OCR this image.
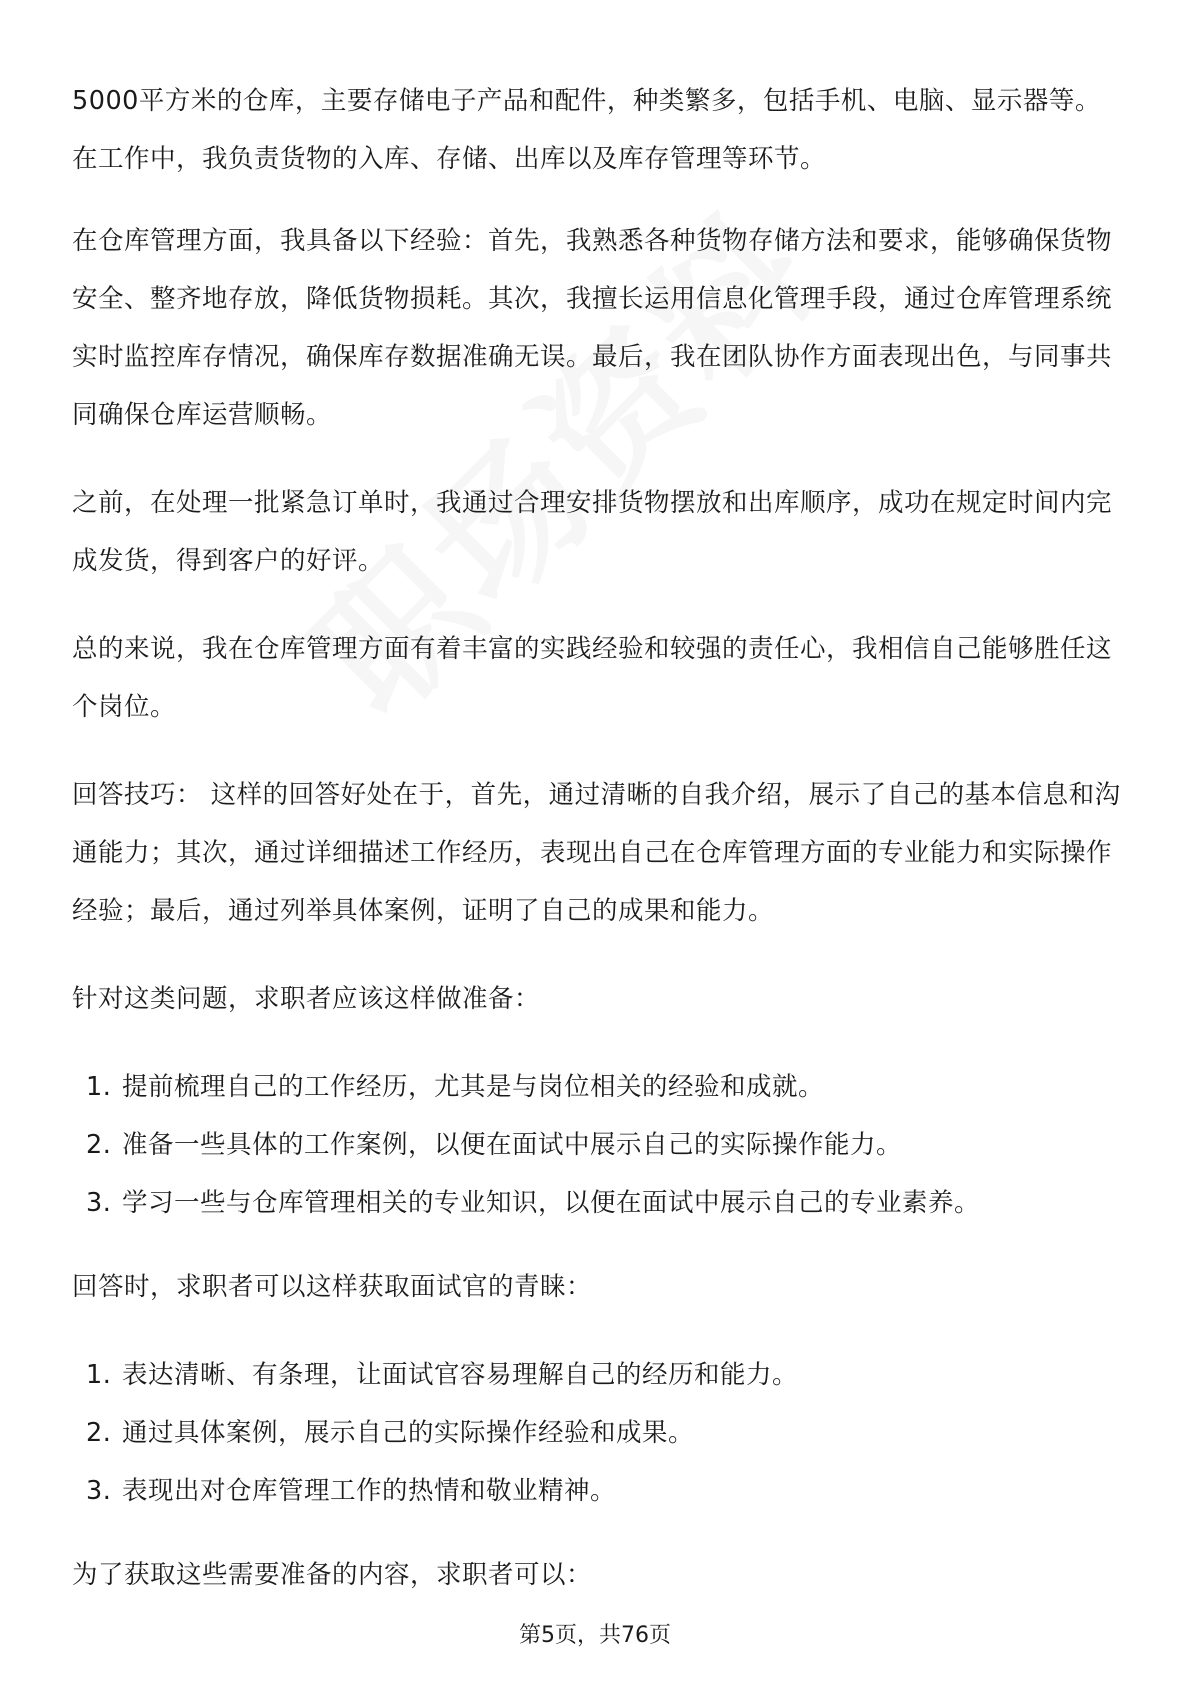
5000平方米的仓库，主要存储电子产品和配件，种类繁多，包括手机、电脑、显示器等。在工作中，我负责货物的入库、存储、出库以及库存管理等环节。

在仓库管理方面，我具备以下经验：首先，我熟悉各种货物存储方法和要求，能够确保货物安全、整齐地存放，降低货物损耗。其次，我擅长运用信息化管理手段，通过仓库管理系统实时监控库存情况，确保库存数据准确无误。最后，我在团队协作方面表现出色，与同事共同确保仓库运营顺畅。

之前，在处理一批紧急订单时，我通过合理安排货物摆放和出库顺序，成功在规定时间内完成发货，得到客户的好评。

总的来说，我在仓库管理方面有着丰富的实践经验和较强的责任心，我相信自己能够胜任这个岗位。

回答技巧： 这样的回答好处在于，首先，通过清晰的自我介绍，展示了自己的基本信息和沟通能力；其次，通过详细描述工作经历，表现出自己在仓库管理方面的专业能力和实际操作经验；最后，通过列举具体案例，证明了自己的成果和能力。

针对这类问题，求职者应该这样做准备：

1. 提前梳理自己的工作经历，尤其是与岗位相关的经验和成就。
2. 准备一些具体的工作案例，以便在面试中展示自己的实际操作能力。
3. 学习一些与仓库管理相关的专业知识，以便在面试中展示自己的专业素养。

回答时，求职者可以这样获取面试官的青睐：

1. 表达清晰、有条理，让面试官容易理解自己的经历和能力。
2. 通过具体案例，展示自己的实际操作经验和成果。
3. 表现出对仓库管理工作的热情和敬业精神。

为了获取这些需要准备的内容，求职者可以：

第5页，共76页
